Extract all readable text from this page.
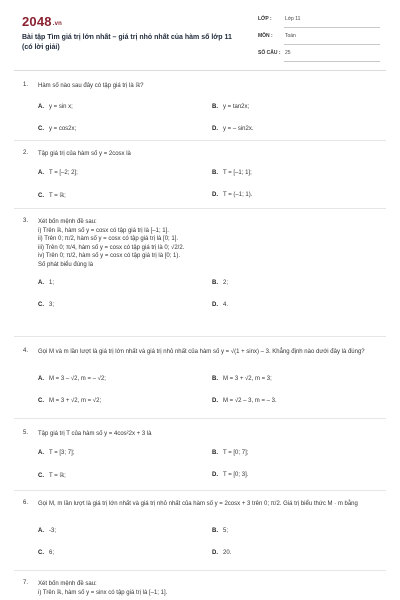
2048.vn
Bài tập Tìm giá trị lớn nhất – giá trị nhỏ nhất của hàm số lớp 11 (có lời giải)
LỚP :	Lớp 11
MÔN : Toán
SỐ CÂU : 25
1. Hàm số nào sau đây có tập giá trị là ℝ?
A. y = sin x;	B. y = tan2x;
C. y = cos2x;	D. y = – sin2x.
2. Tập giá trị của hàm số y = 2cosx là
A. T = [–2; 2];	B. T = [–1; 1];
C. T = ℝ;	D. T = (–1; 1).
3. Xét bốn mệnh đề sau:
i) Trên ℝ, hàm số y = cosx có tập giá trị là [–1; 1].
ii) Trên 0; π/2, hàm số y = cosx có tập giá trị là [0; 1].
iii) Trên 0; π/4, hàm số y = cosx có tập giá trị là 0; √2/2.
iv) Trên 0; π/2, hàm số y = cosx có tập giá trị là [0; 1).
Số phát biểu đúng là
A. 1;	B. 2;
C. 3;	D. 4.
4. Gọi M và m lần lượt là giá trị lớn nhất và giá trị nhỏ nhất của hàm số y = √(1 + sinx) – 3. Khẳng định nào dưới đây là đúng?
A. M = 3 – √2, m = – √2;	B. M = 3 + √2, m = 3;
C. M = 3 + √2, m = √2;	D. M = √2 – 3, m = – 3.
5. Tập giá trị T của hàm số y = 4cos²2x + 3 là
A. T = [3; 7];	B. T = [0; 7];
C. T = ℝ;	D. T = [0; 3].
6. Gọi M, m lần lượt là giá trị lớn nhất và giá trị nhỏ nhất của hàm số y = 2cosx + 3 trên 0; π/2. Giá trị biểu thức M · m bằng
A. -3;	B. 5;
C. 6;	D. 20.
7. Xét bốn mệnh đề sau:
i) Trên ℝ, hàm số y = sinx có tập giá trị là [–1; 1].
